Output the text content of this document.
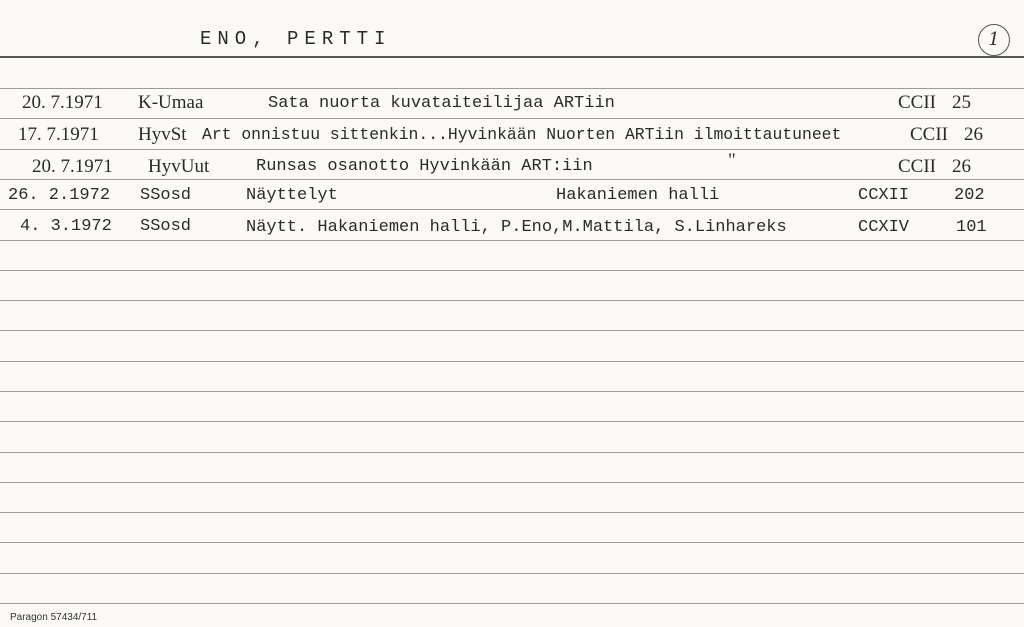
ENO, PERTTI	1
20. 7.1971 K-Umaa	Sata nuorta kuvataiteilijaa ARTiin	CCII 25
17. 7.1971 HyvSt Art onnistuu sittenkin...Hyvinkään Nuorten ARTiin ilmoittautuneet	CCII 26
20. 7.1971 HyvUut	Runsas osanotto Hyvinkään ART:iin	"	CCII 26
26. 2.1972 SSosd	Näyttelyt	Hakaniemen halli	CCXII	202
4. 3.1972 SSosd	Näytt. Hakaniemen halli, P.Eno,M.Mattila, S.Linhareks	CCXIV	101
Paragon 57434/711
